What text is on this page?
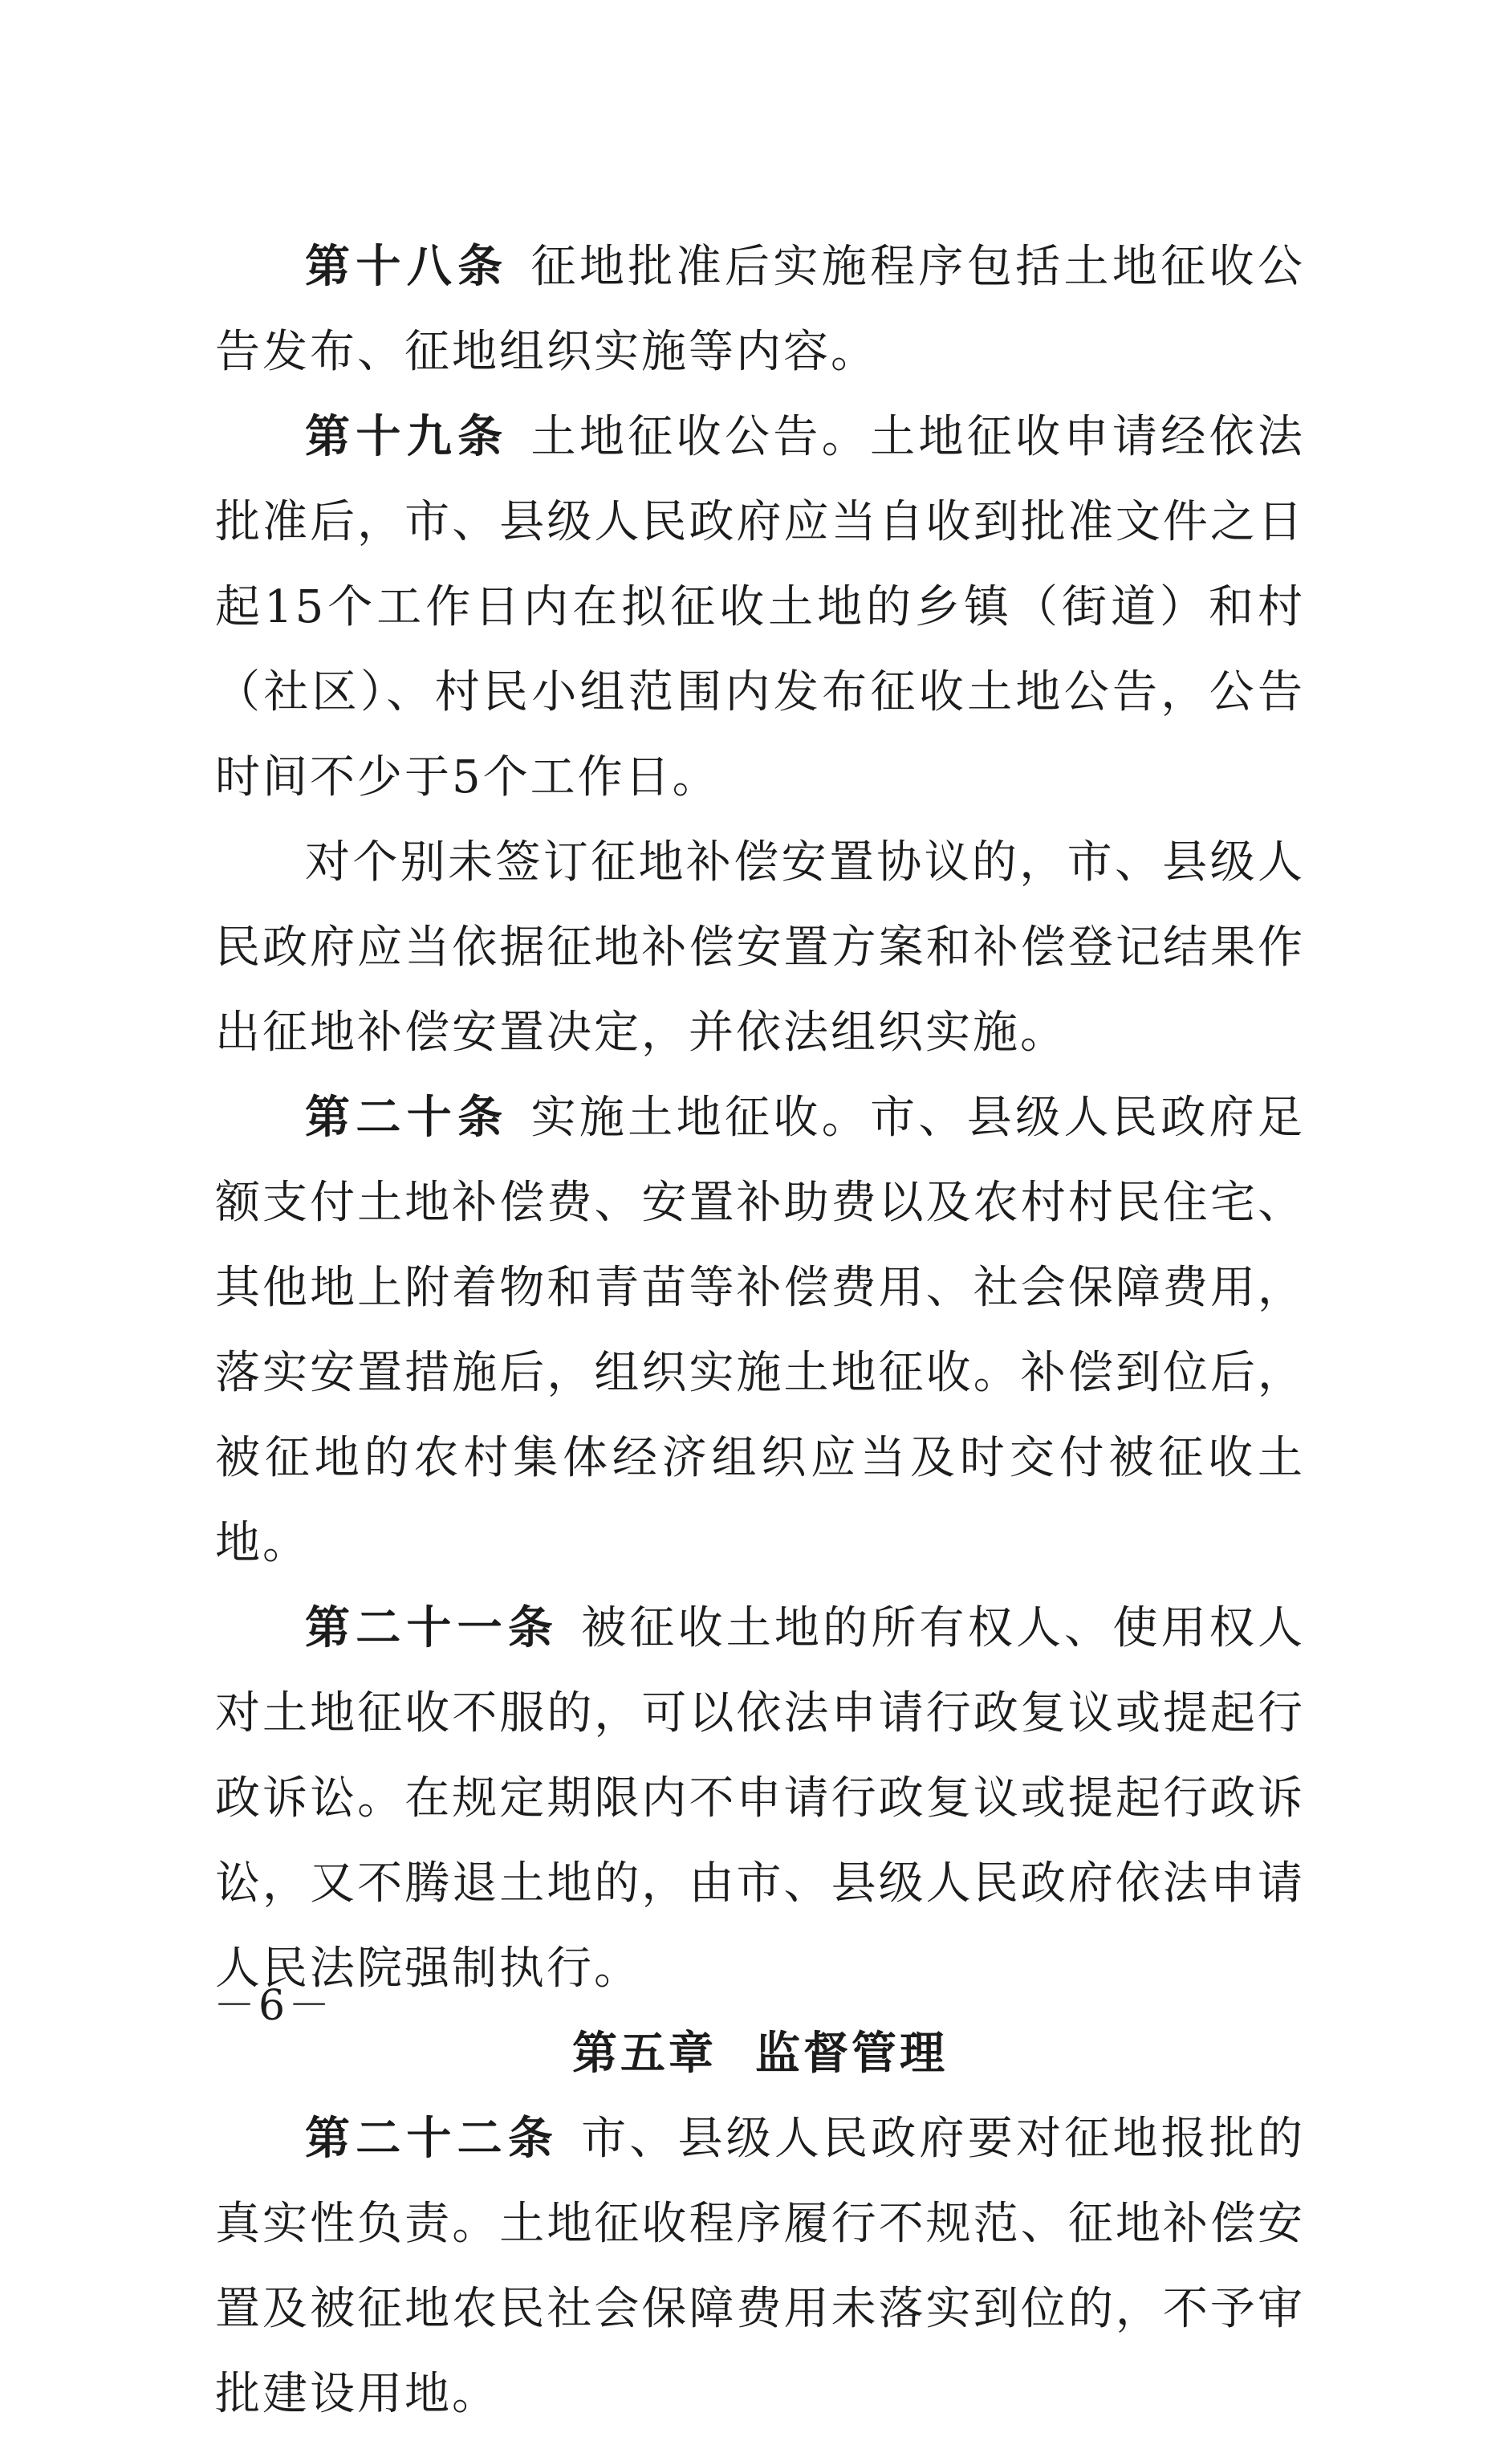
第十八条 征地批准后实施程序包括土地征收公告发布、征地组织实施等内容。

第十九条 土地征收公告。土地征收申请经依法批准后，市、县级人民政府应当自收到批准文件之日起15个工作日内在拟征收土地的乡镇（街道）和村（社区）、村民小组范围内发布征收土地公告，公告时间不少于5个工作日。

对个别未签订征地补偿安置协议的，市、县级人民政府应当依据征地补偿安置方案和补偿登记结果作出征地补偿安置决定，并依法组织实施。

第二十条 实施土地征收。市、县级人民政府足额支付土地补偿费、安置补助费以及农村村民住宅、其他地上附着物和青苗等补偿费用、社会保障费用，落实安置措施后，组织实施土地征收。补偿到位后，被征地的农村集体经济组织应当及时交付被征收土地。

第二十一条 被征收土地的所有权人、使用权人对土地征收不服的，可以依法申请行政复议或提起行政诉讼。在规定期限内不申请行政复议或提起行政诉讼，又不腾退土地的，由市、县级人民政府依法申请人民法院强制执行。

第五章 监督管理

第二十二条 市、县级人民政府要对征地报批的真实性负责。土地征收程序履行不规范、征地补偿安置及被征地农民社会保障费用未落实到位的，不予审批建设用地。

－6－
